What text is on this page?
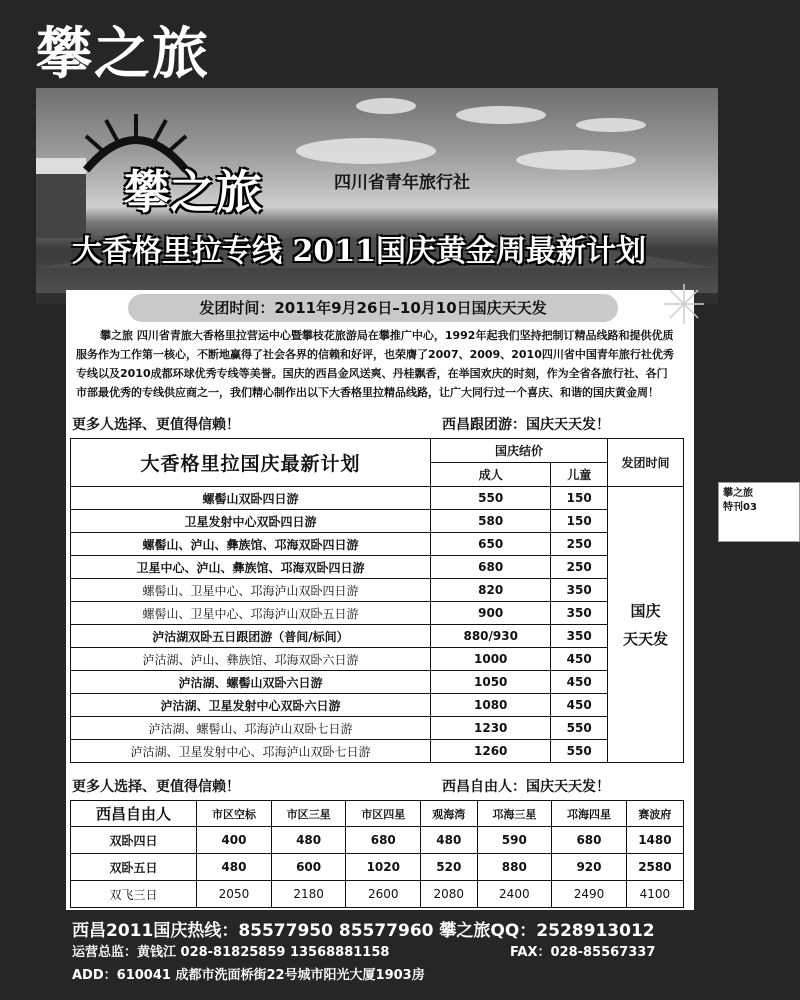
攀之旅
攀之旅	四川省青年旅行社
大香格里拉专线 2011国庆黄金周最新计划
发团时间：2011年9月26日–10月10日国庆天天发
攀之旅 四川省青旅大香格里拉营运中心暨攀枝花旅游局在攀推广中心，1992年起我们坚持把制订精品线路和提供优质服务作为工作第一核心，不断地赢得了社会各界的信赖和好评，也荣膺了2007、2009、2010四川省中国青年旅行社优秀专线以及2010成都环球优秀专线等美誉。国庆的西昌金风送爽、丹桂飘香，在举国欢庆的时刻，作为全省各旅行社、各门市部最优秀的专线供应商之一，我们精心制作出以下大香格里拉精品线路，让广大同行过一个喜庆、和谐的国庆黄金周！
更多人选择、更值得信赖！	西昌跟团游：国庆天天发！
大香格里拉国庆最新计划	国庆结价		发团时间
	成人	儿童	
螺髻山双卧四日游	550	150	国庆
天天发
卫星发射中心双卧四日游	580	150	
螺髻山、泸山、彝族馆、邛海双卧四日游	650	250	
卫星中心、泸山、彝族馆、邛海双卧四日游	680	250	
螺髻山、卫星中心、邛海泸山双卧四日游	820	350	
螺髻山、卫星中心、邛海泸山双卧五日游	900	350	
泸沽湖双卧五日跟团游（普间/标间）	880/930	350	
泸沽湖、泸山、彝族馆、邛海双卧六日游	1000	450	
泸沽湖、螺髻山双卧六日游	1050	450	
泸沽湖、卫星发射中心双卧六日游	1080	450	
泸沽湖、螺髻山、邛海泸山双卧七日游	1230	550	
泸沽湖、卫星发射中心、邛海泸山双卧七日游	1260	550	
更多人选择、更值得信赖！	西昌自由人：国庆天天发！
西昌自由人	市区空标	市区三星	市区四星	观海湾	邛海三星	邛海四星	赛波府
双卧四日	400	480	680	480	590	680	1480
双卧五日	480	600	1020	520	880	920	2580
双飞三日	2050	2180	2600	2080	2400	2490	4100
攀之旅
特刊03
西昌2011国庆热线：85577950 85577960 攀之旅QQ：2528913012
运营总监：黄钱江 028-81825859 13568881158	FAX：028-85567337
ADD：610041 成都市洗面桥街22号城市阳光大厦1903房
